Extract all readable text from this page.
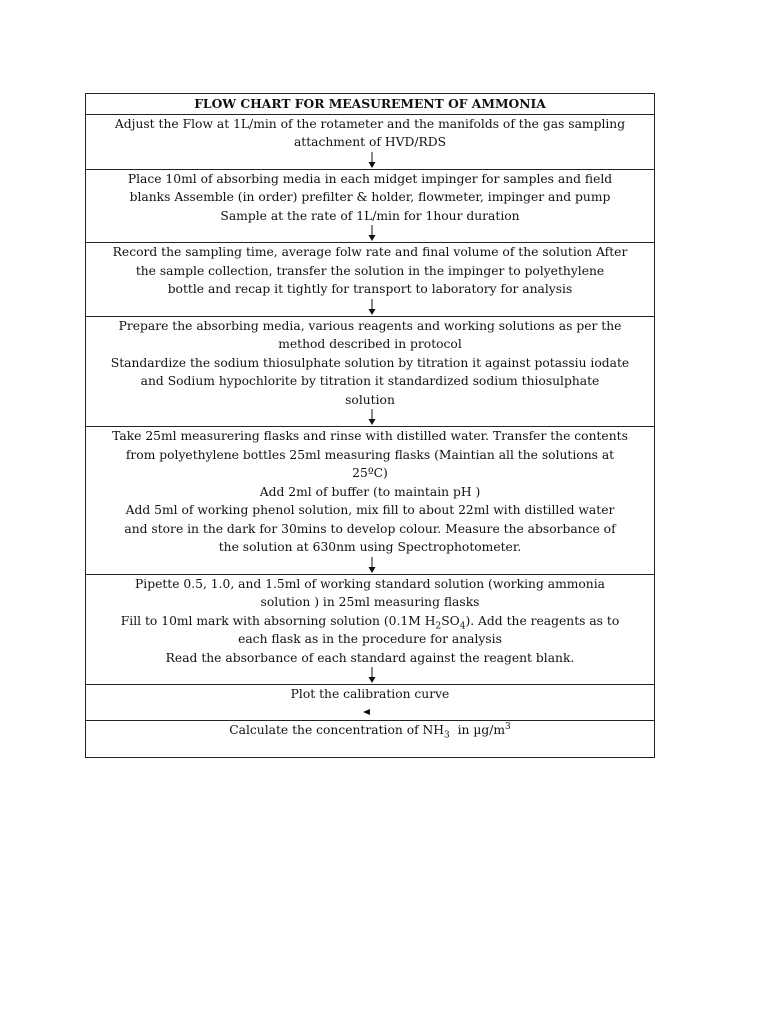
FLOW CHART FOR MEASUREMENT OF AMMONIA

Adjust the Flow at 1L/min of the rotameter and the manifolds of the gas sampling
attachment of HVD/RDS

Place 10ml of absorbing media in each midget impinger for samples and field
blanks Assemble (in order) prefilter & holder, flowmeter, impinger and pump
Sample at the rate of 1L/min for 1hour duration

Record the sampling time, average folw rate and final volume of the solution After
the sample collection, transfer the solution in the impinger to polyethylene
bottle and recap it tightly for transport to laboratory for analysis

Prepare the absorbing media, various reagents and working solutions as per the
method described in protocol
Standardize the sodium thiosulphate solution by titration it against potassiu iodate
and Sodium hypochlorite by titration it standardized sodium thiosulphate
solution

Take 25ml measurering flasks and rinse with distilled water. Transfer the contents
from polyethylene bottles 25ml measuring flasks (Maintian all the solutions at
25ºC)
Add 2ml of buffer (to maintain pH )
Add 5ml of working phenol solution, mix fill to about 22ml with distilled water
and store in the dark for 30mins to develop colour. Measure the absorbance of
the solution at 630nm using Spectrophotometer.

Pipette 0.5, 1.0, and 1.5ml of working standard solution (working ammonia
solution ) in 25ml measuring flasks
Fill to 10ml mark with absorning solution (0.1M $H_2SO_4$). Add the reagents as to
each flask as in the procedure for analysis
Read the absorbance of each standard against the reagent blank.

Plot the calibration curve

Calculate the concentration of $NH_3$  in $\mu g/m^3$
